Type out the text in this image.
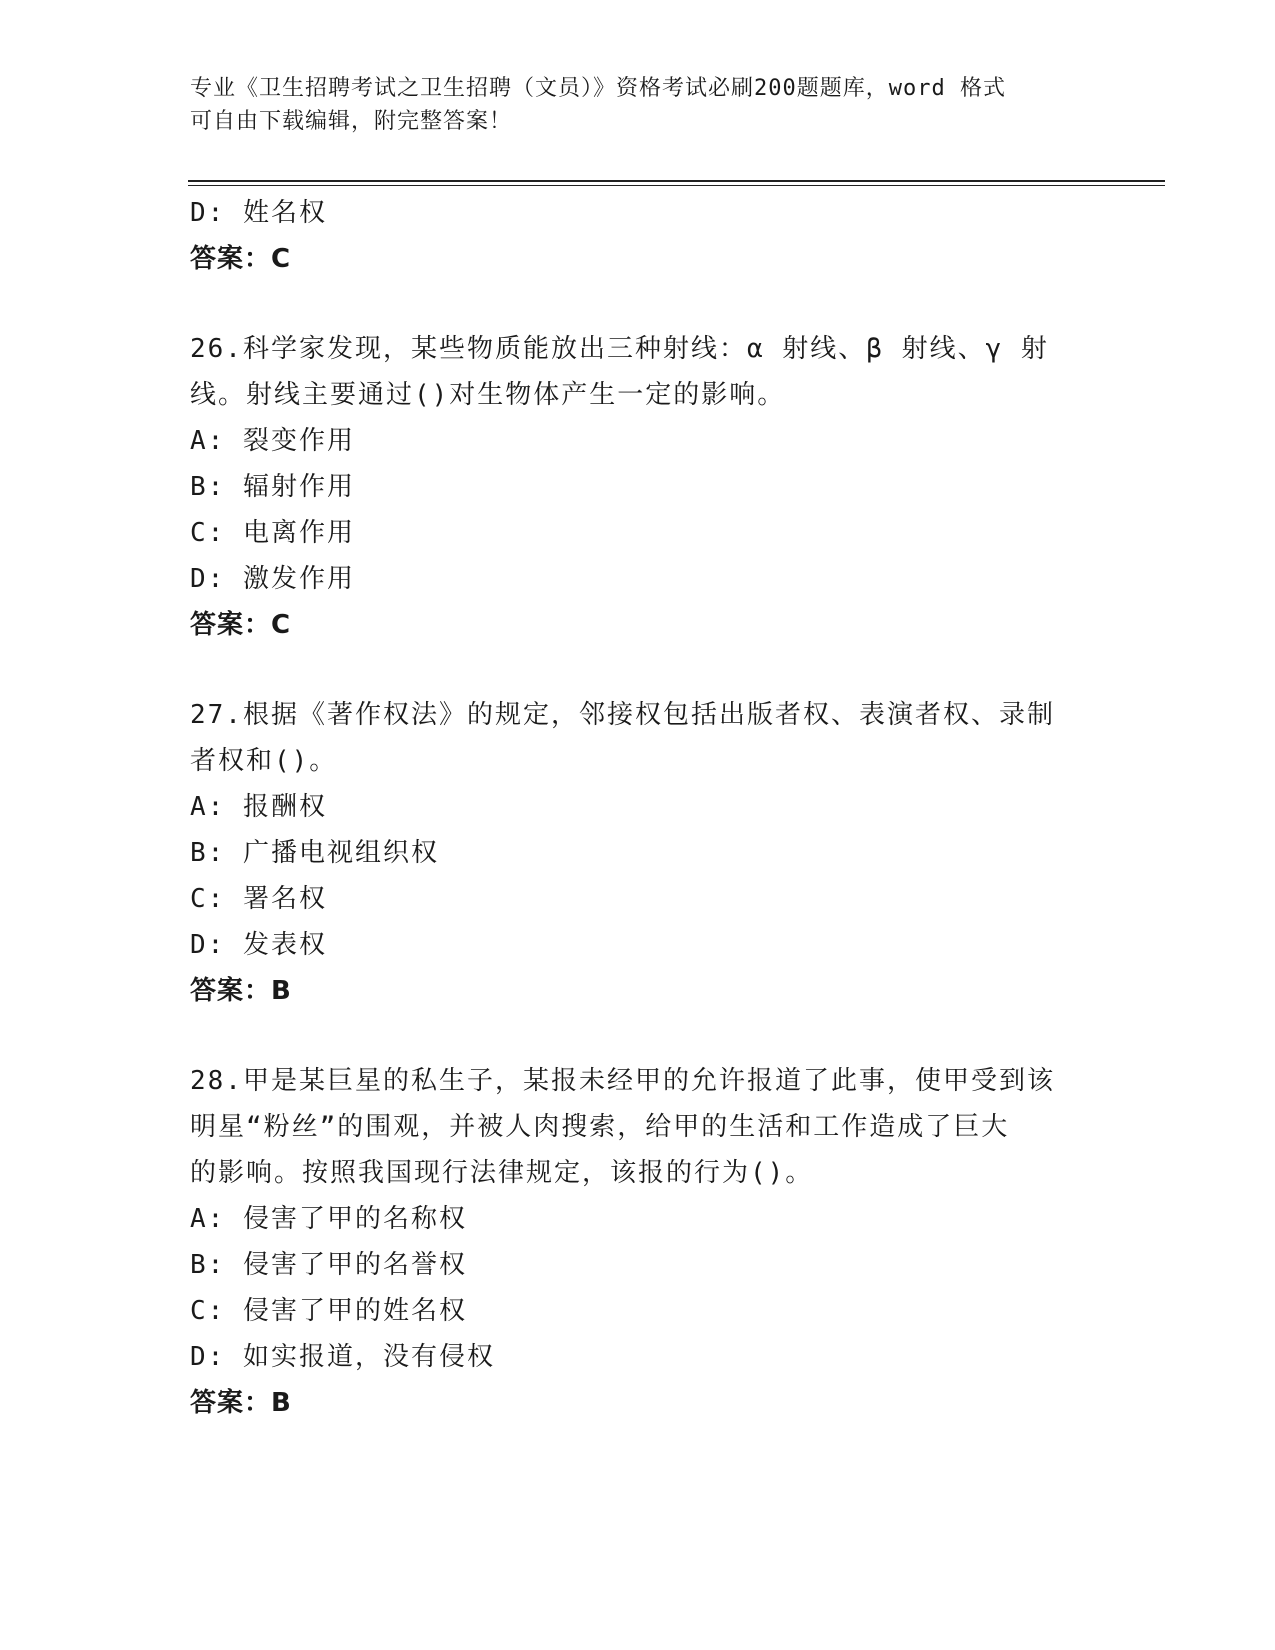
专业《卫生招聘考试之卫生招聘（文员）》资格考试必刷200题题库，word 格式
可自由下载编辑，附完整答案！
D: 姓名权
答案：C
26.科学家发现，某些物质能放出三种射线：α 射线、β 射线、γ 射
线。射线主要通过()对生物体产生一定的影响。
A: 裂变作用
B: 辐射作用
C: 电离作用
D: 激发作用
答案：C
27.根据《著作权法》的规定，邻接权包括出版者权、表演者权、录制
者权和()。
A: 报酬权
B: 广播电视组织权
C: 署名权
D: 发表权
答案：B
28.甲是某巨星的私生子，某报未经甲的允许报道了此事，使甲受到该
明星“粉丝”的围观，并被人肉搜索，给甲的生活和工作造成了巨大
的影响。按照我国现行法律规定，该报的行为()。
A: 侵害了甲的名称权
B: 侵害了甲的名誉权
C: 侵害了甲的姓名权
D: 如实报道，没有侵权
答案：B
